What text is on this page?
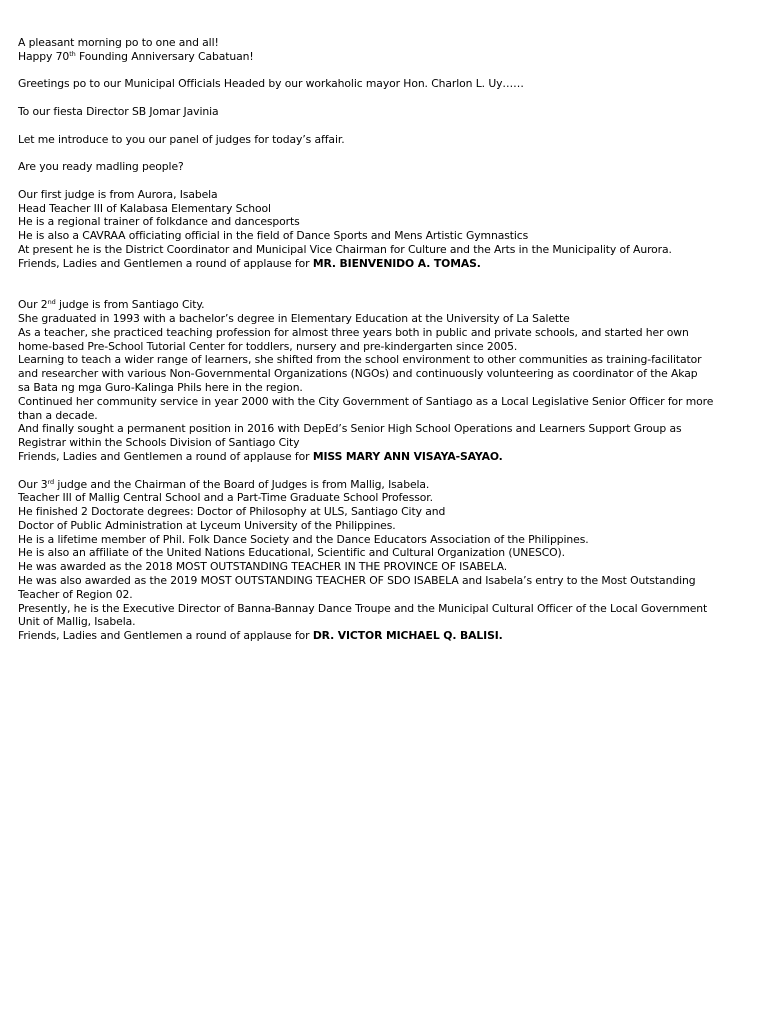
A pleasant morning po to one and all!
Happy 70th Founding Anniversary Cabatuan!
Greetings po to our Municipal Officials Headed by our workaholic mayor Hon. Charlon L. Uy……
To our fiesta Director SB Jomar Javinia
Let me introduce to you our panel of judges for today’s affair.
Are you ready madling people?
Our first judge is from Aurora, Isabela
Head Teacher III of Kalabasa Elementary School
He is a regional trainer of folkdance and dancesports
He is also a CAVRAA officiating official in the field of Dance Sports and Mens Artistic Gymnastics
At present he is the District Coordinator and Municipal Vice Chairman for Culture and the Arts in the Municipality of Aurora.
Friends, Ladies and Gentlemen a round of applause for MR. BIENVENIDO A. TOMAS.
Our 2nd judge is from Santiago City.
She graduated in 1993 with a bachelor’s degree in Elementary Education at the University of La Salette
As a teacher, she practiced teaching profession for almost three years both in public and private schools, and started her own
home-based Pre-School Tutorial Center for toddlers, nursery and pre-kindergarten since 2005.
Learning to teach a wider range of learners, she shifted from the school environment to other communities as training-facilitator
and researcher with various Non-Governmental Organizations (NGOs) and continuously volunteering as coordinator of the Akap
sa Bata ng mga Guro-Kalinga Phils here in the region.
Continued her community service in year 2000 with the City Government of Santiago as a Local Legislative Senior Officer for more
than a decade.
And finally sought a permanent position in 2016 with DepEd’s Senior High School Operations and Learners Support Group as
Registrar within the Schools Division of Santiago City
Friends, Ladies and Gentlemen a round of applause for MISS MARY ANN VISAYA-SAYAO.
Our 3rd judge and the Chairman of the Board of Judges is from Mallig, Isabela.
Teacher III of Mallig Central School and a Part-Time Graduate School Professor.
He finished 2 Doctorate degrees: Doctor of Philosophy at ULS, Santiago City and
Doctor of Public Administration at Lyceum University of the Philippines.
He is a lifetime member of Phil. Folk Dance Society and the Dance Educators Association of the Philippines.
He is also an affiliate of the United Nations Educational, Scientific and Cultural Organization (UNESCO).
He was awarded as the 2018 MOST OUTSTANDING TEACHER IN THE PROVINCE OF ISABELA.
He was also awarded as the 2019 MOST OUTSTANDING TEACHER OF SDO ISABELA and Isabela’s entry to the Most Outstanding
Teacher of Region 02.
Presently, he is the Executive Director of Banna-Bannay Dance Troupe and the Municipal Cultural Officer of the Local Government
Unit of Mallig, Isabela.
Friends, Ladies and Gentlemen a round of applause for DR. VICTOR MICHAEL Q. BALISI.
